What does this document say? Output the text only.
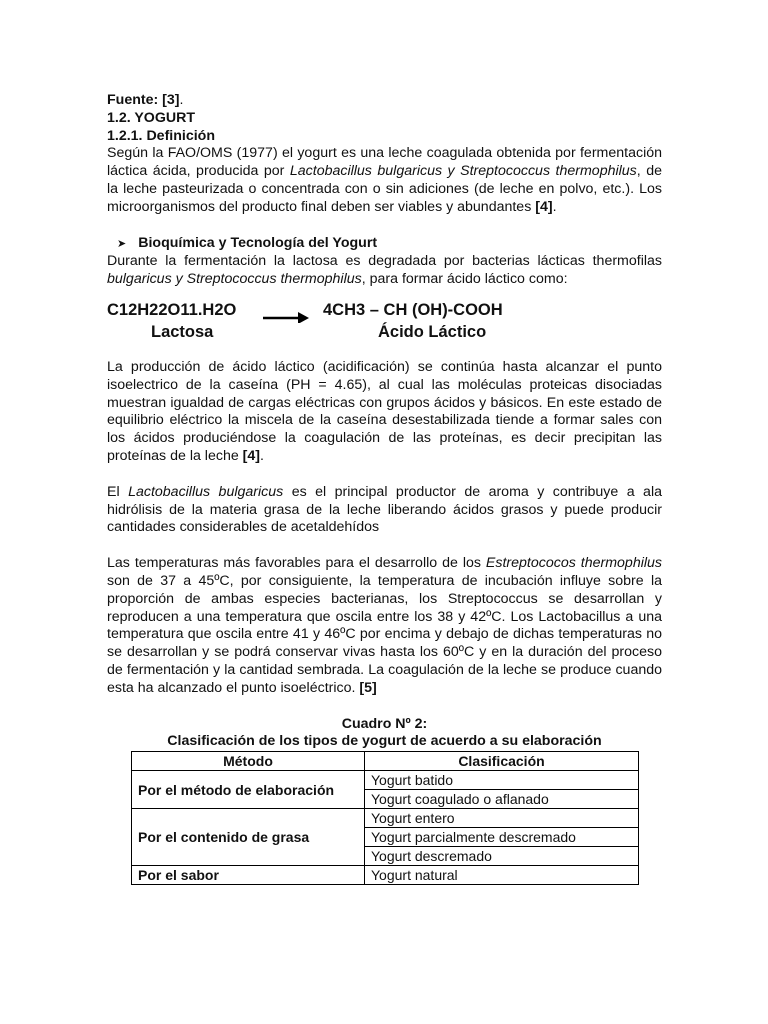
Fuente: [3].
1.2. YOGURT
1.2.1. Definición

Según la FAO/OMS (1977) el yogurt es una leche coagulada obtenida por fermentación láctica ácida, producida por Lactobacillus bulgaricus y Streptococcus thermophilus, de la leche pasteurizada o concentrada con o sin adiciones (de leche en polvo, etc.). Los microorganismos del producto final deben ser viables y abundantes [4].

➤ Bioquímica y Tecnología del Yogurt

Durante la fermentación la lactosa es degradada por bacterias lácticas thermofilas bulgaricus y Streptococcus thermophilus, para formar ácido láctico como:

C12H22O11.H2O → 4CH3 – CH (OH)-COOH
Lactosa	Ácido Láctico

La producción de ácido láctico (acidificación) se continúa hasta alcanzar el punto isoelectrico de la caseína (PH = 4.65), al cual las moléculas proteicas disociadas muestran igualdad de cargas eléctricas con grupos ácidos y básicos. En este estado de equilibrio eléctrico la miscela de la caseína desestabilizada tiende a formar sales con los ácidos produciéndose la coagulación de las proteínas, es decir precipitan las proteínas de la leche [4].

El Lactobacillus bulgaricus es el principal productor de aroma y contribuye a ala hidrólisis de la materia grasa de la leche liberando ácidos grasos y puede producir cantidades considerables de acetaldehídos

Las temperaturas más favorables para el desarrollo de los Estreptococos thermophilus son de 37 a 45ºC, por consiguiente, la temperatura de incubación influye sobre la proporción de ambas especies bacterianas, los Streptococcus se desarrollan y reproducen a una temperatura que oscila entre los 38 y 42ºC. Los Lactobacillus a una temperatura que oscila entre 41 y 46ºC por encima y debajo de dichas temperaturas no se desarrollan y se podrá conservar vivas hasta los 60ºC y en la duración del proceso de fermentación y la cantidad sembrada. La coagulación de la leche se produce cuando esta ha alcanzado el punto isoeléctrico. [5]

Cuadro Nº 2:
Clasificación de los tipos de yogurt de acuerdo a su elaboración
Método	Clasificación
Por el método de elaboración	Yogurt batido
	Yogurt coagulado o aflanado
Por el contenido de grasa	Yogurt entero
	Yogurt parcialmente descremado
	Yogurt descremado
Por el sabor	Yogurt natural
